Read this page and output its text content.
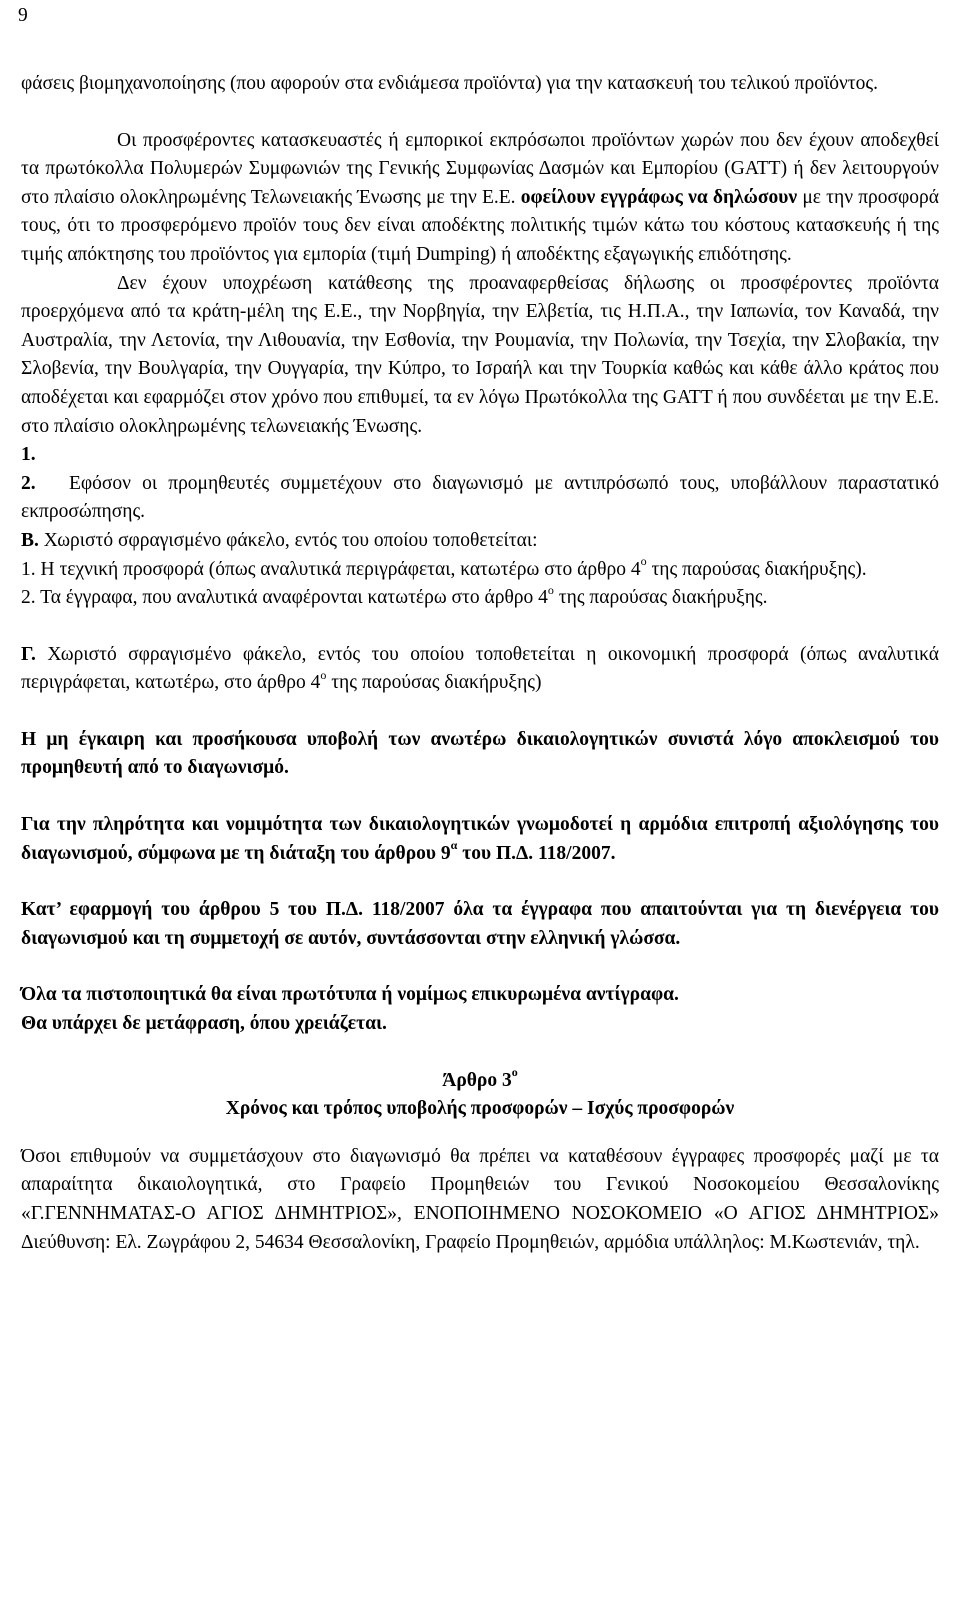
9

φάσεις βιομηχανοποίησης (που αφορούν στα ενδιάμεσα προϊόντα) για την κατασκευή του τελικού προϊόντος.

Οι προσφέροντες κατασκευαστές ή εμπορικοί εκπρόσωποι προϊόντων χωρών που δεν έχουν αποδεχθεί τα πρωτόκολλα Πολυμερών Συμφωνιών της Γενικής Συμφωνίας Δασμών και Εμπορίου (GATT) ή δεν λειτουργούν στο πλαίσιο ολοκληρωμένης Τελωνειακής Ένωσης με την Ε.Ε. οφείλουν εγγράφως να δηλώσουν με την προσφορά τους, ότι το προσφερόμενο προϊόν τους δεν είναι αποδέκτης πολιτικής τιμών κάτω του κόστους κατασκευής ή της τιμής απόκτησης του προϊόντος για εμπορία (τιμή Dumping) ή αποδέκτης εξαγωγικής επιδότησης.

Δεν έχουν υποχρέωση κατάθεσης της προαναφερθείσας δήλωσης οι προσφέροντες προϊόντα προερχόμενα από τα κράτη-μέλη της Ε.Ε., την Νορβηγία, την Ελβετία, τις Η.Π.Α., την Ιαπωνία, τον Καναδά, την Αυστραλία, την Λετονία, την Λιθουανία, την Εσθονία, την Ρουμανία, την Πολωνία, την Τσεχία, την Σλοβακία, την Σλοβενία, την Βουλγαρία, την Ουγγαρία, την Κύπρο, το Ισραήλ και την Τουρκία καθώς και κάθε άλλο κράτος που αποδέχεται και εφαρμόζει στον χρόνο που επιθυμεί, τα εν λόγω Πρωτόκολλα της GATT ή που συνδέεται με την Ε.Ε. στο πλαίσιο ολοκληρωμένης τελωνειακής Ένωσης.

1.

2. Εφόσον οι προμηθευτές συμμετέχουν στο διαγωνισμό με αντιπρόσωπό τους, υποβάλλουν παραστατικό εκπροσώπησης.

Β. Χωριστό σφραγισμένο φάκελο, εντός του οποίου τοποθετείται:

1. Η τεχνική προσφορά (όπως αναλυτικά περιγράφεται, κατωτέρω στο άρθρο $4^o$ της παρούσας διακήρυξης).

2. Τα έγγραφα, που αναλυτικά αναφέρονται κατωτέρω στο άρθρο $4^o$ της παρούσας διακήρυξης.

Γ. Χωριστό σφραγισμένο φάκελο, εντός του οποίου τοποθετείται η οικονομική προσφορά (όπως αναλυτικά περιγράφεται, κατωτέρω, στο άρθρο $4^o$ της παρούσας διακήρυξης)

Η μη έγκαιρη και προσήκουσα υποβολή των ανωτέρω δικαιολογητικών συνιστά λόγο αποκλεισμού του προμηθευτή από το διαγωνισμό.

Για την πληρότητα και νομιμότητα των δικαιολογητικών γνωμοδοτεί η αρμόδια επιτροπή αξιολόγησης του διαγωνισμού, σύμφωνα με τη διάταξη του άρθρου $9^\alpha$ του Π.Δ. 118/2007.

Κατ’ εφαρμογή του άρθρου 5 του Π.Δ. 118/2007 όλα τα έγγραφα που απαιτούνται για τη διενέργεια του διαγωνισμού και τη συμμετοχή σε αυτόν, συντάσσονται στην ελληνική γλώσσα.

Όλα τα πιστοποιητικά θα είναι πρωτότυπα ή νομίμως επικυρωμένα αντίγραφα.

Θα υπάρχει δε μετάφραση, όπου χρειάζεται.

Άρθρο $3^o$
Χρόνος και τρόπος υποβολής προσφορών – Ισχύς προσφορών

Όσοι επιθυμούν να συμμετάσχουν στο διαγωνισμό θα πρέπει να καταθέσουν έγγραφες προσφορές μαζί με τα απαραίτητα δικαιολογητικά, στο Γραφείο Προμηθειών του Γενικού Νοσοκομείου Θεσσαλονίκης «Γ.ΓΕΝΝΗΜΑΤΑΣ-Ο ΑΓΙΟΣ ΔΗΜΗΤΡΙΟΣ», ΕΝΟΠΟΙΗΜΕΝΟ ΝΟΣΟΚΟΜΕΙΟ «Ο ΑΓΙΟΣ ΔΗΜΗΤΡΙΟΣ» Διεύθυνση: Ελ. Ζωγράφου 2, 54634 Θεσσαλονίκη, Γραφείο Προμηθειών, αρμόδια υπάλληλος: Μ.Κωστενιάν, τηλ.
